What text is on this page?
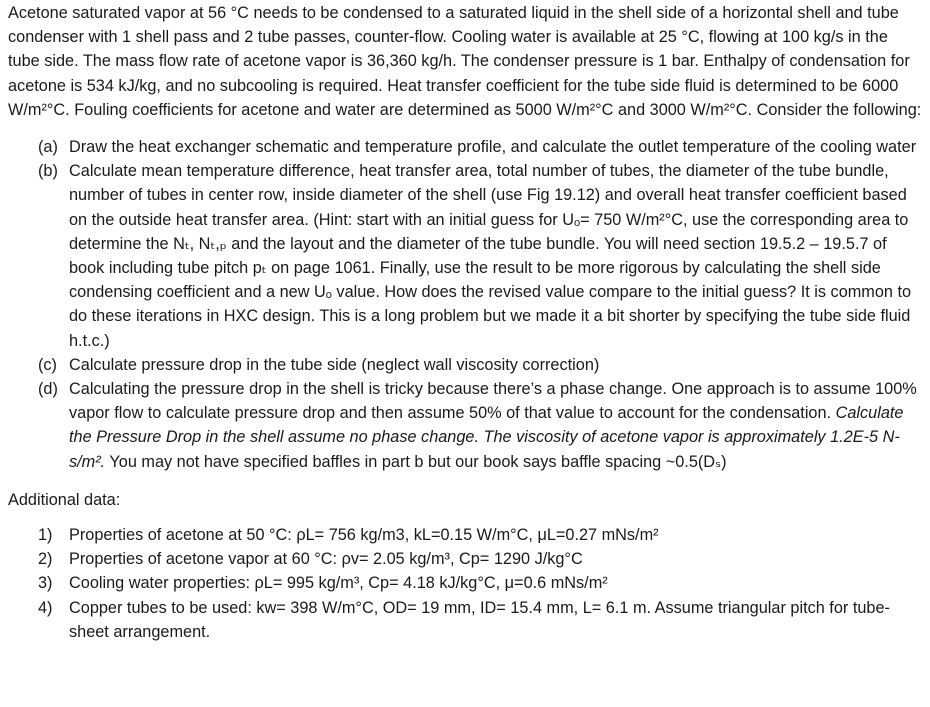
Acetone saturated vapor at 56 °C needs to be condensed to a saturated liquid in the shell side of a horizontal shell and tube condenser with 1 shell pass and 2 tube passes, counter-flow. Cooling water is available at 25 °C, flowing at 100 kg/s in the tube side. The mass flow rate of acetone vapor is 36,360 kg/h. The condenser pressure is 1 bar. Enthalpy of condensation for acetone is 534 kJ/kg, and no subcooling is required. Heat transfer coefficient for the tube side fluid is determined to be 6000 W/m²°C. Fouling coefficients for acetone and water are determined as 5000 W/m²°C and 3000 W/m²°C. Consider the following:

(a) Draw the heat exchanger schematic and temperature profile, and calculate the outlet temperature of the cooling water
(b) Calculate mean temperature difference, heat transfer area, total number of tubes, the diameter of the tube bundle, number of tubes in center row, inside diameter of the shell (use Fig 19.12) and overall heat transfer coefficient based on the outside heat transfer area. (Hint: start with an initial guess for Uₒ= 750 W/m²°C, use the corresponding area to determine the Nₜ, Nₜ,ₚ and the layout and the diameter of the tube bundle. You will need section 19.5.2 – 19.5.7 of book including tube pitch pₜ on page 1061. Finally, use the result to be more rigorous by calculating the shell side condensing coefficient and a new Uₒ value. How does the revised value compare to the initial guess? It is common to do these iterations in HXC design. This is a long problem but we made it a bit shorter by specifying the tube side fluid h.t.c.)
(c) Calculate pressure drop in the tube side (neglect wall viscosity correction)
(d) Calculating the pressure drop in the shell is tricky because there’s a phase change. One approach is to assume 100% vapor flow to calculate pressure drop and then assume 50% of that value to account for the condensation. Calculate the Pressure Drop in the shell assume no phase change. The viscosity of acetone vapor is approximately 1.2E-5 N-s/m². You may not have specified baffles in part b but our book says baffle spacing ~0.5(Dₛ)

Additional data:

1) Properties of acetone at 50 °C: ρL= 756 kg/m3, kL=0.15 W/m°C, μL=0.27 mNs/m²
2) Properties of acetone vapor at 60 °C: ρv= 2.05 kg/m³, Cp= 1290 J/kg°C
3) Cooling water properties: ρL= 995 kg/m³, Cp= 4.18 kJ/kg°C, μ=0.6 mNs/m²
4) Copper tubes to be used: kw= 398 W/m°C, OD= 19 mm, ID= 15.4 mm, L= 6.1 m. Assume triangular pitch for tube-sheet arrangement.
